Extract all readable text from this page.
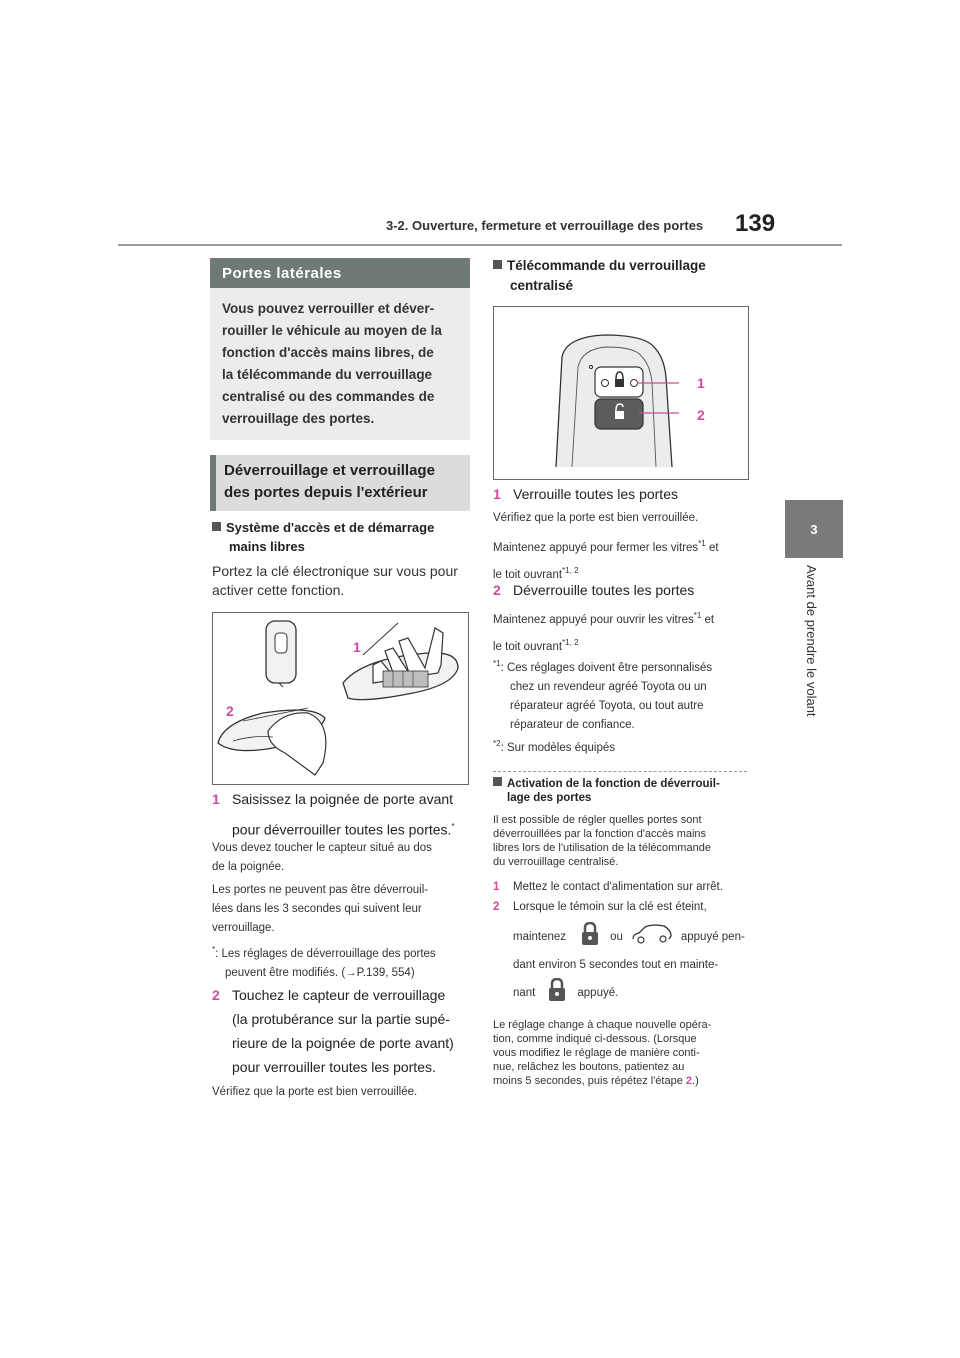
3-2. Ouverture, fermeture et verrouillage des portes 139
3
Avant de prendre le volant
Portes latérales
Vous pouvez verrouiller et déver-
rouiller le véhicule au moyen de la
fonction d'accès mains libres, de
la télécommande du verrouillage
centralisé ou des commandes de
verrouillage des portes.
Déverrouillage et verrouillage
des portes depuis l'extérieur
Système d'accès et de démarrage
mains libres
Portez la clé électronique sur vous pour
activer cette fonction.
1
2
1 Saisissez la poignée de porte avant
pour déverrouiller toutes les portes.*
Vous devez toucher le capteur situé au dos
de la poignée.
Les portes ne peuvent pas être déverrouil-
lées dans les 3 secondes qui suivent leur
verrouillage.
*: Les réglages de déverrouillage des portes
peuvent être modifiés. (→P.139, 554)
2 Touchez le capteur de verrouillage
(la protubérance sur la partie supé-
rieure de la poignée de porte avant)
pour verrouiller toutes les portes.
Vérifiez que la porte est bien verrouillée.
Télécommande du verrouillage
centralisé
1
2
1 Verrouille toutes les portes
Vérifiez que la porte est bien verrouillée.
Maintenez appuyé pour fermer les vitres$^{*1}$ et
le toit ouvrant$^{*1, 2}$
2 Déverrouille toutes les portes
Maintenez appuyé pour ouvrir les vitres$^{*1}$ et
le toit ouvrant$^{*1, 2}$
$^{*1}$: Ces réglages doivent être personnalisés
chez un revendeur agréé Toyota ou un
réparateur agréé Toyota, ou tout autre
réparateur de confiance.
$^{*2}$: Sur modèles équipés
Activation de la fonction de déverrouil-
lage des portes
Il est possible de régler quelles portes sont
déverrouillées par la fonction d'accès mains
libres lors de l'utilisation de la télécommande
du verrouillage centralisé.
1 Mettez le contact d'alimentation sur arrêt.
2 Lorsque le témoin sur la clé est éteint,
maintenez	ou	appuyé pen-
dant environ 5 secondes tout en mainte-
nant	appuyé.
Le réglage change à chaque nouvelle opéra-
tion, comme indiqué ci-dessous. (Lorsque
vous modifiez le réglage de manière conti-
nue, relâchez les boutons, patientez au
moins 5 secondes, puis répétez l'étape 2.)
